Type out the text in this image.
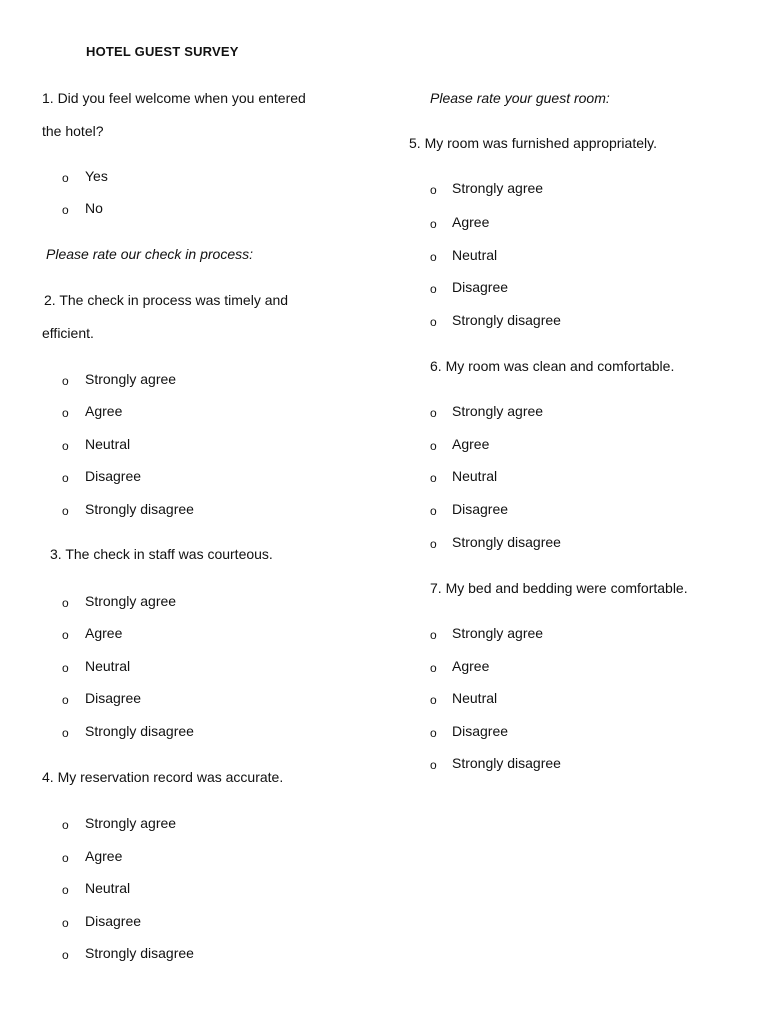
HOTEL GUEST SURVEY
1. Did you feel welcome when you entered
the hotel?
o Yes
o No
Please rate our check in process:
2. The check in process was timely and
efficient.
o Strongly agree
o Agree
o Neutral
o Disagree
o Strongly disagree
3. The check in staff was courteous.
o Strongly agree
o Agree
o Neutral
o Disagree
o Strongly disagree
4. My reservation record was accurate.
o Strongly agree
o Agree
o Neutral
o Disagree
o Strongly disagree
Please rate your guest room:
5. My room was furnished appropriately.
o Strongly agree
o Agree
o Neutral
o Disagree
o Strongly disagree
6. My room was clean and comfortable.
o Strongly agree
o Agree
o Neutral
o Disagree
o Strongly disagree
7. My bed and bedding were comfortable.
o Strongly agree
o Agree
o Neutral
o Disagree
o Strongly disagree
